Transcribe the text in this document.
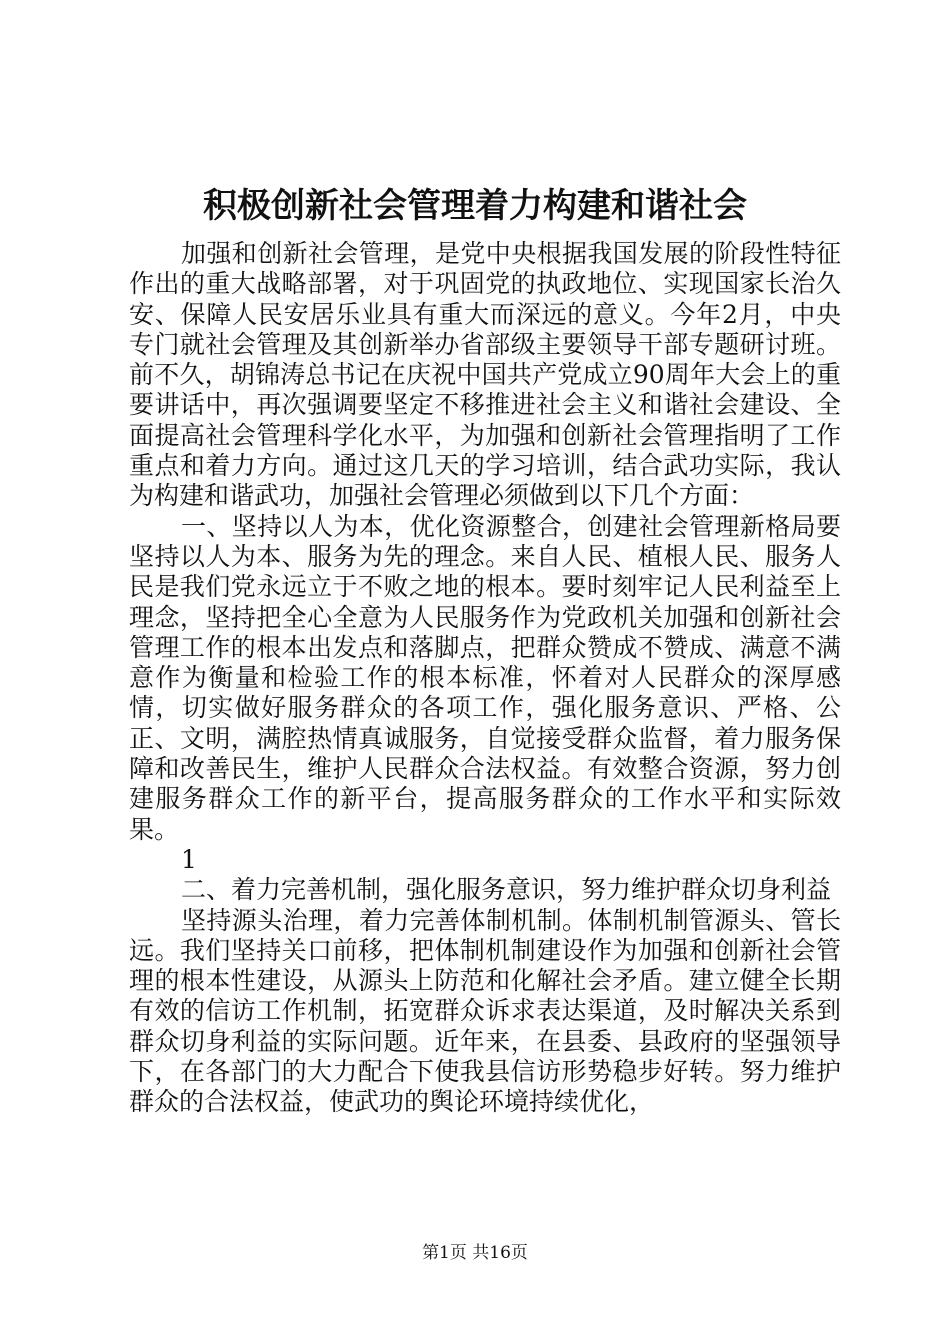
积极创新社会管理着力构建和谐社会

加强和创新社会管理，是党中央根据我国发展的阶段性特征作出的重大战略部署，对于巩固党的执政地位、实现国家长治久安、保障人民安居乐业具有重大而深远的意义。今年2月，中央专门就社会管理及其创新举办省部级主要领导干部专题研讨班。前不久，胡锦涛总书记在庆祝中国共产党成立90周年大会上的重要讲话中，再次强调要坚定不移推进社会主义和谐社会建设、全面提高社会管理科学化水平，为加强和创新社会管理指明了工作重点和着力方向。通过这几天的学习培训，结合武功实际，我认为构建和谐武功，加强社会管理必须做到以下几个方面：

一、坚持以人为本，优化资源整合，创建社会管理新格局要坚持以人为本、服务为先的理念。来自人民、植根人民、服务人民是我们党永远立于不败之地的根本。要时刻牢记人民利益至上理念，坚持把全心全意为人民服务作为党政机关加强和创新社会管理工作的根本出发点和落脚点，把群众赞成不赞成、满意不满意作为衡量和检验工作的根本标准，怀着对人民群众的深厚感情，切实做好服务群众的各项工作，强化服务意识、严格、公正、文明，满腔热情真诚服务，自觉接受群众监督，着力服务保障和改善民生，维护人民群众合法权益。有效整合资源，努力创建服务群众工作的新平台，提高服务群众的工作水平和实际效果。

1

二、着力完善机制，强化服务意识，努力维护群众切身利益

坚持源头治理，着力完善体制机制。体制机制管源头、管长远。我们坚持关口前移，把体制机制建设作为加强和创新社会管理的根本性建设，从源头上防范和化解社会矛盾。建立健全长期有效的信访工作机制，拓宽群众诉求表达渠道，及时解决关系到群众切身利益的实际问题。近年来，在县委、县政府的坚强领导下，在各部门的大力配合下使我县信访形势稳步好转。努力维护群众的合法权益，使武功的舆论环境持续优化，

第1页 共16页
